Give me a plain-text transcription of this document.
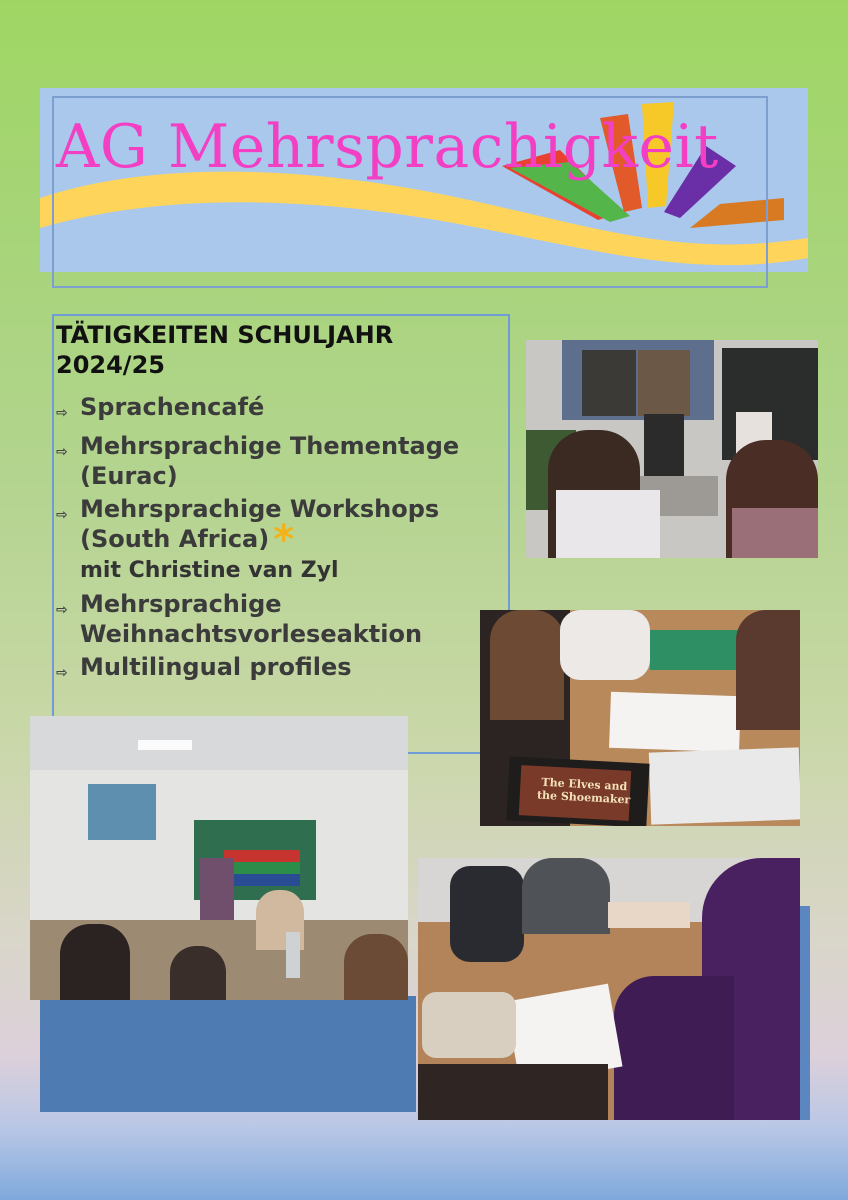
AG Mehrsprachigkeit
TÄTIGKEITEN SCHULJAHR 2024/25
⇨ Sprachencafé
⇨ Mehrsprachige Thementage (Eurac)
⇨ Mehrsprachige Workshops (South Africa) *
mit Christine van Zyl
⇨ Mehrsprachige Weihnachtsvorleseaktion
⇨ Multilingual profiles
The Elves and the Shoemaker
